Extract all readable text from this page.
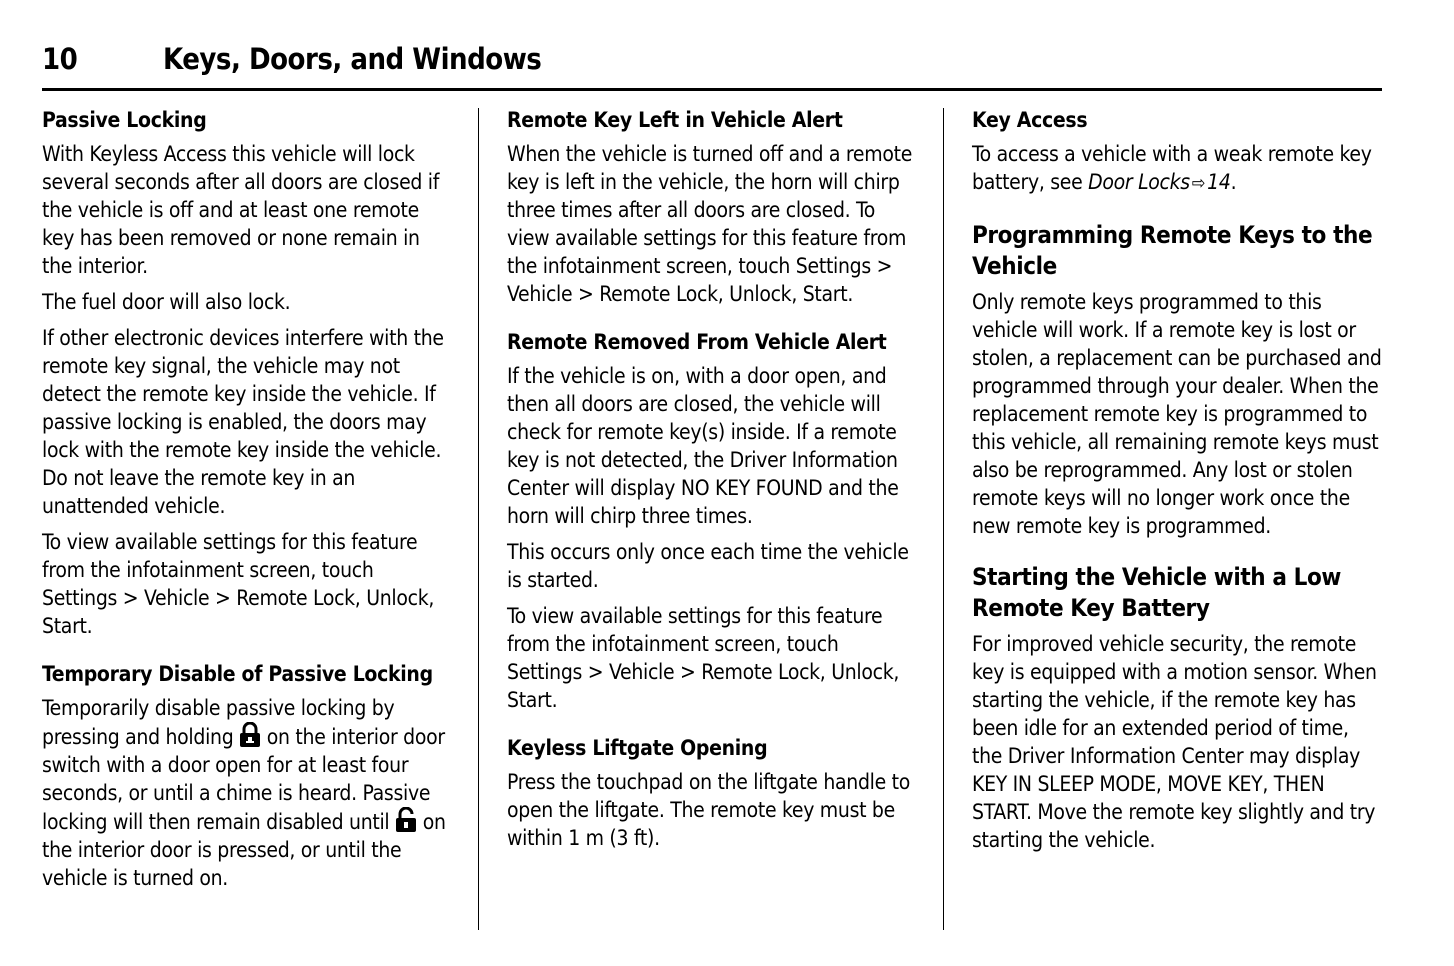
10	Keys, Doors, and Windows
Passive Locking

With Keyless Access this vehicle will lock several seconds after all doors are closed if the vehicle is off and at least one remote key has been removed or none remain in the interior.

The fuel door will also lock.

If other electronic devices interfere with the remote key signal, the vehicle may not detect the remote key inside the vehicle. If passive locking is enabled, the doors may lock with the remote key inside the vehicle. Do not leave the remote key in an unattended vehicle.

To view available settings for this feature from the infotainment screen, touch Settings > Vehicle > Remote Lock, Unlock, Start.

Temporary Disable of Passive Locking

Temporarily disable passive locking by pressing and holding on the interior door switch with a door open for at least four seconds, or until a chime is heard. Passive locking will then remain disabled until on the interior door is pressed, or until the vehicle is turned on.

Remote Key Left in Vehicle Alert

When the vehicle is turned off and a remote key is left in the vehicle, the horn will chirp three times after all doors are closed. To view available settings for this feature from the infotainment screen, touch Settings > Vehicle > Remote Lock, Unlock, Start.

Remote Removed From Vehicle Alert

If the vehicle is on, with a door open, and then all doors are closed, the vehicle will check for remote key(s) inside. If a remote key is not detected, the Driver Information Center will display NO KEY FOUND and the horn will chirp three times.

This occurs only once each time the vehicle is started.

To view available settings for this feature from the infotainment screen, touch Settings > Vehicle > Remote Lock, Unlock, Start.

Keyless Liftgate Opening

Press the touchpad on the liftgate handle to open the liftgate. The remote key must be within 1 m (3 ft).

Key Access

To access a vehicle with a weak remote key battery, see Door Locks ⇨14.

Programming Remote Keys to the Vehicle

Only remote keys programmed to this vehicle will work. If a remote key is lost or stolen, a replacement can be purchased and programmed through your dealer. When the replacement remote key is programmed to this vehicle, all remaining remote keys must also be reprogrammed. Any lost or stolen remote keys will no longer work once the new remote key is programmed.

Starting the Vehicle with a Low Remote Key Battery

For improved vehicle security, the remote key is equipped with a motion sensor. When starting the vehicle, if the remote key has been idle for an extended period of time, the Driver Information Center may display KEY IN SLEEP MODE, MOVE KEY, THEN START. Move the remote key slightly and try starting the vehicle.
